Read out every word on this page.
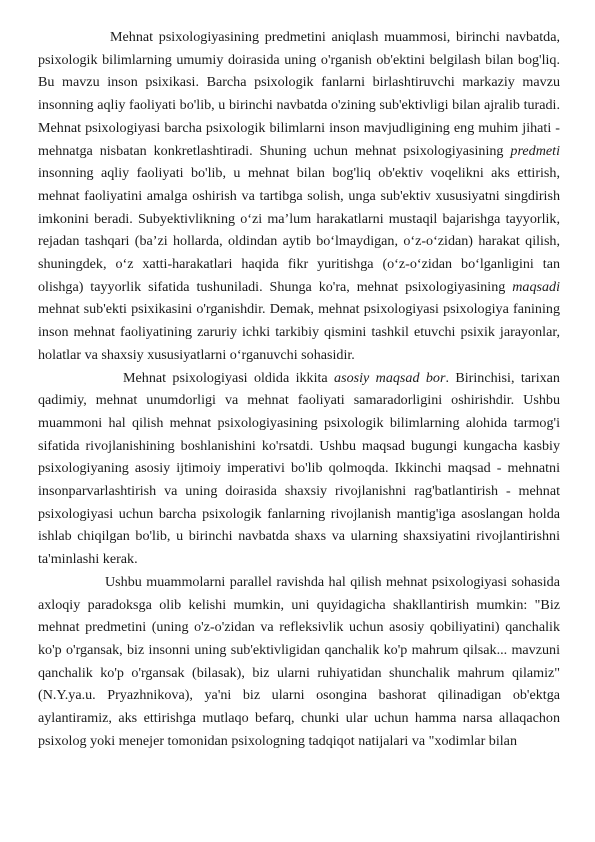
Mehnat psixologiyasining predmetini aniqlash muammosi, birinchi navbatda, psixologik bilimlarning umumiy doirasida uning o'rganish ob'ektini belgilash bilan bog'liq. Bu mavzu inson psixikasi. Barcha psixologik fanlarni birlashtiruvchi markaziy mavzu insonning aqliy faoliyati bo'lib, u birinchi navbatda o'zining sub'ektivligi bilan ajralib turadi. Mehnat psixologiyasi barcha psixologik bilimlarni inson mavjudligining eng muhim jihati - mehnatga nisbatan konkretlashtiradi. Shuning uchun mehnat psixologiyasining predmeti insonning aqliy faoliyati bo'lib, u mehnat bilan bog'liq ob'ektiv voqelikni aks ettirish, mehnat faoliyatini amalga oshirish va tartibga solish, unga sub'ektiv xususiyatni singdirish imkonini beradi. Subyektivlikning o‘zi ma’lum harakatlarni mustaqil bajarishga tayyorlik, rejadan tashqari (ba’zi hollarda, oldindan aytib bo‘lmaydigan, o‘z-o‘zidan) harakat qilish, shuningdek, o‘z xatti-harakatlari haqida fikr yuritishga (o‘z-o‘zidan bo‘lganligini tan olishga) tayyorlik sifatida tushuniladi. Shunga ko'ra, mehnat psixologiyasining maqsadi mehnat sub'ekti psixikasini o'rganishdir. Demak, mehnat psixologiyasi psixologiya fanining inson mehnat faoliyatining zaruriy ichki tarkibiy qismini tashkil etuvchi psixik jarayonlar, holatlar va shaxsiy xususiyatlarni o‘rganuvchi sohasidir.

Mehnat psixologiyasi oldida ikkita asosiy maqsad bor. Birinchisi, tarixan qadimiy, mehnat unumdorligi va mehnat faoliyati samaradorligini oshirishdir. Ushbu muammoni hal qilish mehnat psixologiyasining psixologik bilimlarning alohida tarmog'i sifatida rivojlanishining boshlanishini ko'rsatdi. Ushbu maqsad bugungi kungacha kasbiy psixologiyaning asosiy ijtimoiy imperativi bo'lib qolmoqda. Ikkinchi maqsad - mehnatni insonparvarlashtirish va uning doirasida shaxsiy rivojlanishni rag'batlantirish - mehnat psixologiyasi uchun barcha psixologik fanlarning rivojlanish mantig'iga asoslangan holda ishlab chiqilgan bo'lib, u birinchi navbatda shaxs va ularning shaxsiyatini rivojlantirishni ta'minlashi kerak.

Ushbu muammolarni parallel ravishda hal qilish mehnat psixologiyasi sohasida axloqiy paradoksga olib kelishi mumkin, uni quyidagicha shakllantirish mumkin: "Biz mehnat predmetini (uning o'z-o'zidan va refleksivlik uchun asosiy qobiliyatini) qanchalik ko'p o'rgansak, biz insonni uning sub'ektivligidan qanchalik ko'p mahrum qilsak... mavzuni qanchalik ko'p o'rgansak (bilasak), biz ularni ruhiyatidan shunchalik mahrum qilamiz" (N.Y.ya.u. Pryazhnikova), ya'ni biz ularni osongina bashorat qilinadigan ob'ektga aylantiramiz, aks ettirishga mutlaqo befarq, chunki ular uchun hamma narsa allaqachon psixolog yoki menejer tomonidan psixologning tadqiqot natijalari va "xodimlar bilan
